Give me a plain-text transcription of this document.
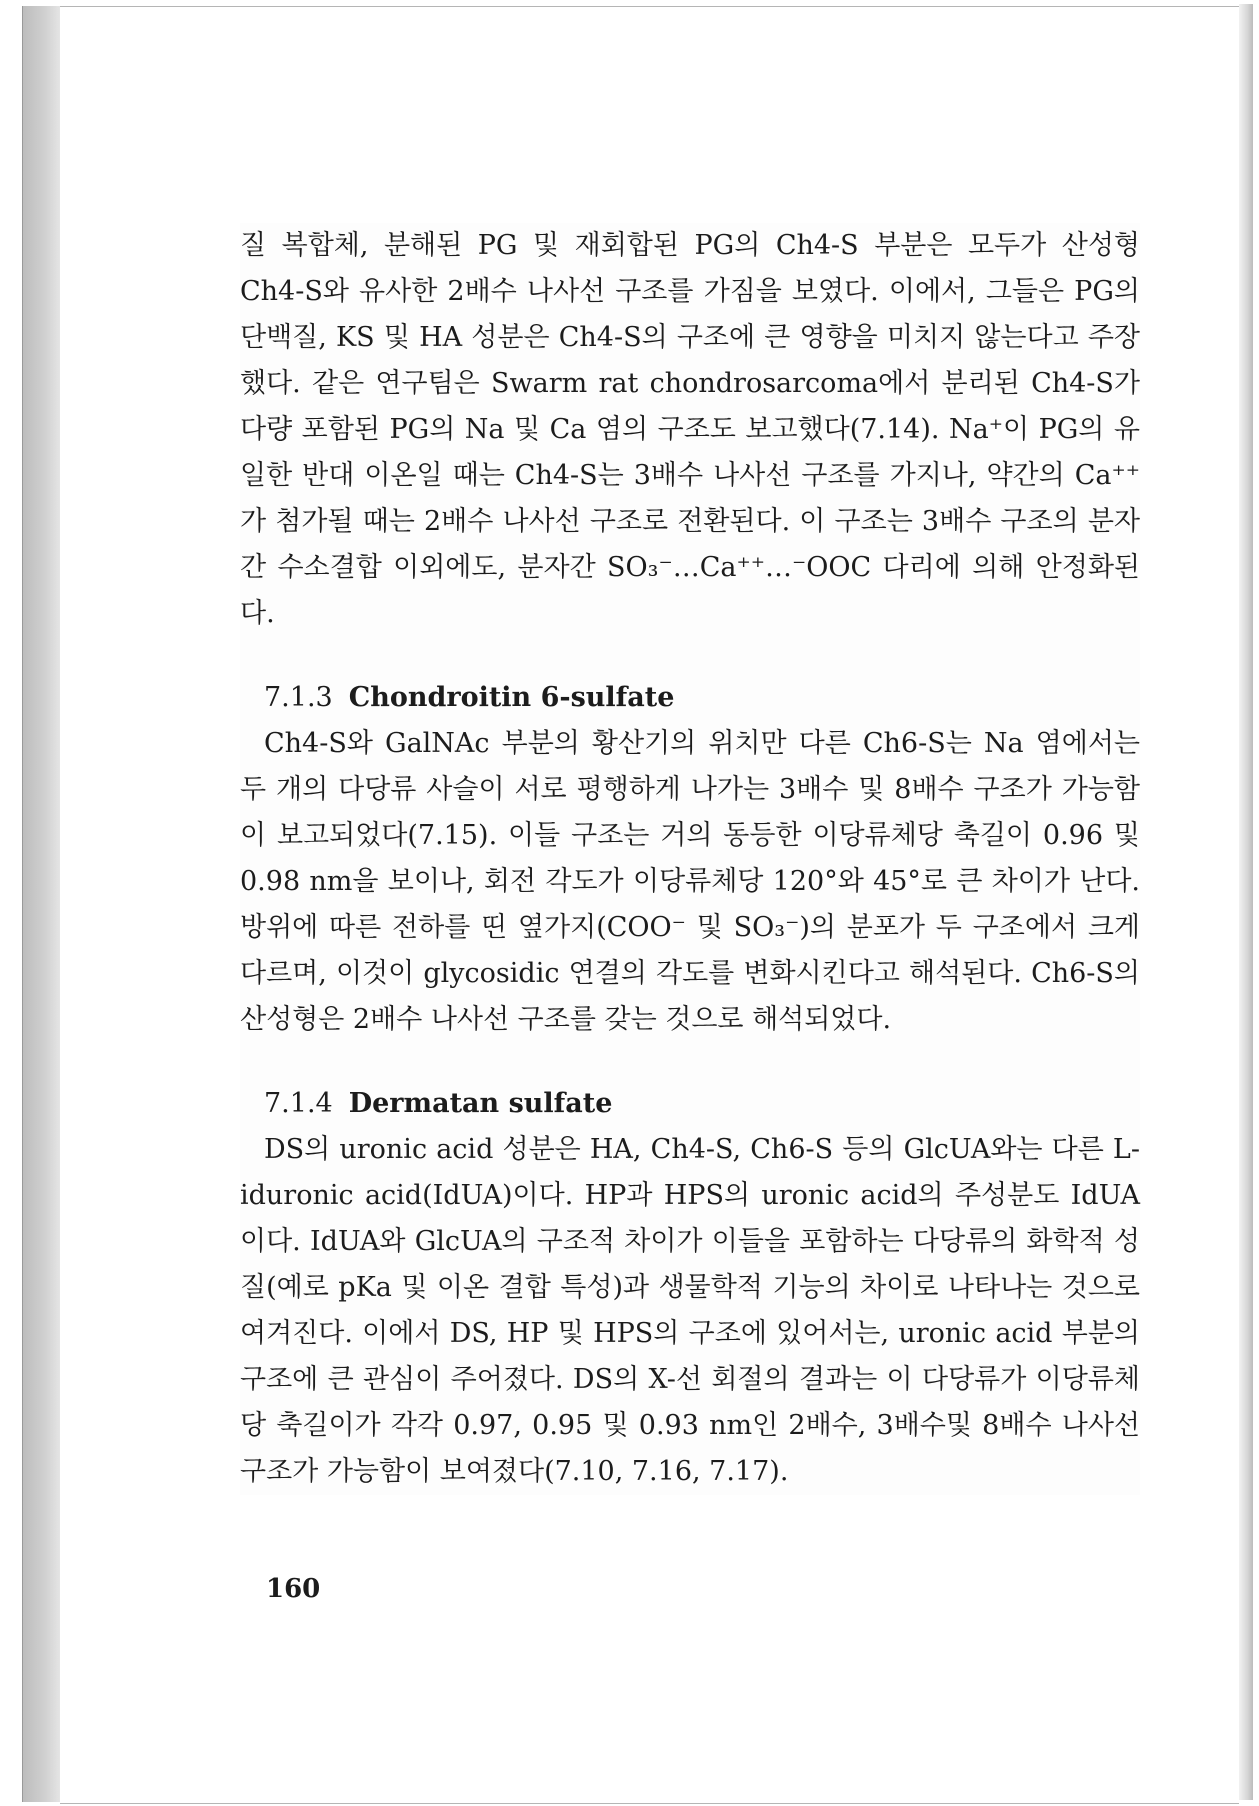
질 복합체, 분해된 PG 및 재회합된 PG의 Ch4-S 부분은 모두가 산성형 Ch4-S와 유사한 2배수 나사선 구조를 가짐을 보였다. 이에서, 그들은 PG의 단백질, KS 및 HA 성분은 Ch4-S의 구조에 큰 영향을 미치지 않는다고 주장했다. 같은 연구팀은 Swarm rat chondrosarcoma에서 분리된 Ch4-S가 다량 포함된 PG의 Na 및 Ca 염의 구조도 보고했다(7.14). Na⁺이 PG의 유일한 반대 이온일 때는 Ch4-S는 3배수 나사선 구조를 가지나, 약간의 Ca⁺⁺가 첨가될 때는 2배수 나사선 구조로 전환된다. 이 구조는 3배수 구조의 분자간 수소결합 이외에도, 분자간 SO₃⁻…Ca⁺⁺…⁻OOC 다리에 의해 안정화된다.

7.1.3 Chondroitin 6-sulfate

Ch4-S와 GalNAc 부분의 황산기의 위치만 다른 Ch6-S는 Na 염에서는 두 개의 다당류 사슬이 서로 평행하게 나가는 3배수 및 8배수 구조가 가능함이 보고되었다(7.15). 이들 구조는 거의 동등한 이당류체당 축길이 0.96 및 0.98 nm을 보이나, 회전 각도가 이당류체당 120°와 45°로 큰 차이가 난다. 방위에 따른 전하를 띤 옆가지(COO⁻ 및 SO₃⁻)의 분포가 두 구조에서 크게 다르며, 이것이 glycosidic 연결의 각도를 변화시킨다고 해석된다. Ch6-S의 산성형은 2배수 나사선 구조를 갖는 것으로 해석되었다.

7.1.4 Dermatan sulfate

DS의 uronic acid 성분은 HA, Ch4-S, Ch6-S 등의 GlcUA와는 다른 L-iduronic acid(IdUA)이다. HP과 HPS의 uronic acid의 주성분도 IdUA이다. IdUA와 GlcUA의 구조적 차이가 이들을 포함하는 다당류의 화학적 성질(예로 pKa 및 이온 결합 특성)과 생물학적 기능의 차이로 나타나는 것으로 여겨진다. 이에서 DS, HP 및 HPS의 구조에 있어서는, uronic acid 부분의 구조에 큰 관심이 주어졌다. DS의 X-선 회절의 결과는 이 다당류가 이당류체당 축길이가 각각 0.97, 0.95 및 0.93 nm인 2배수, 3배수및 8배수 나사선 구조가 가능함이 보여졌다(7.10, 7.16, 7.17).

160
